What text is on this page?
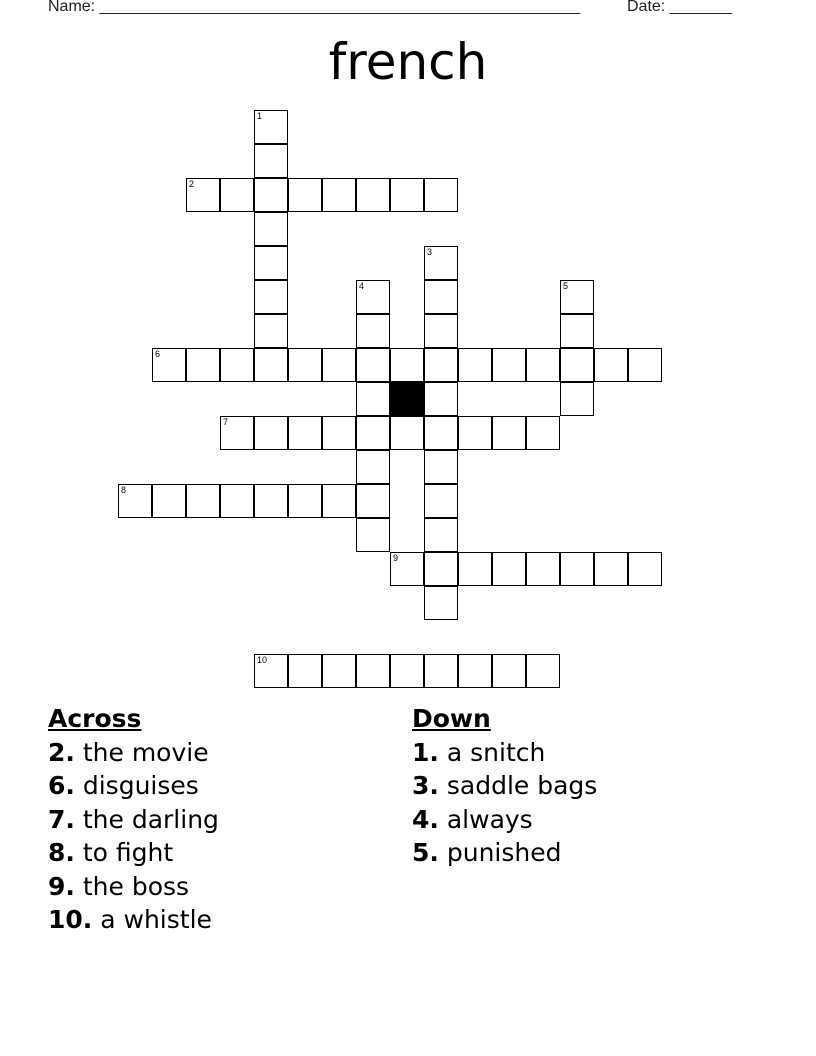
Name: ______________________________________________________	Date: _______
french
1
2
3
4	5
6
7
8
9
10
Across
2. the movie
6. disguises
7. the darling
8. to fight
9. the boss
10. a whistle
Down
1. a snitch
3. saddle bags
4. always
5. punished
